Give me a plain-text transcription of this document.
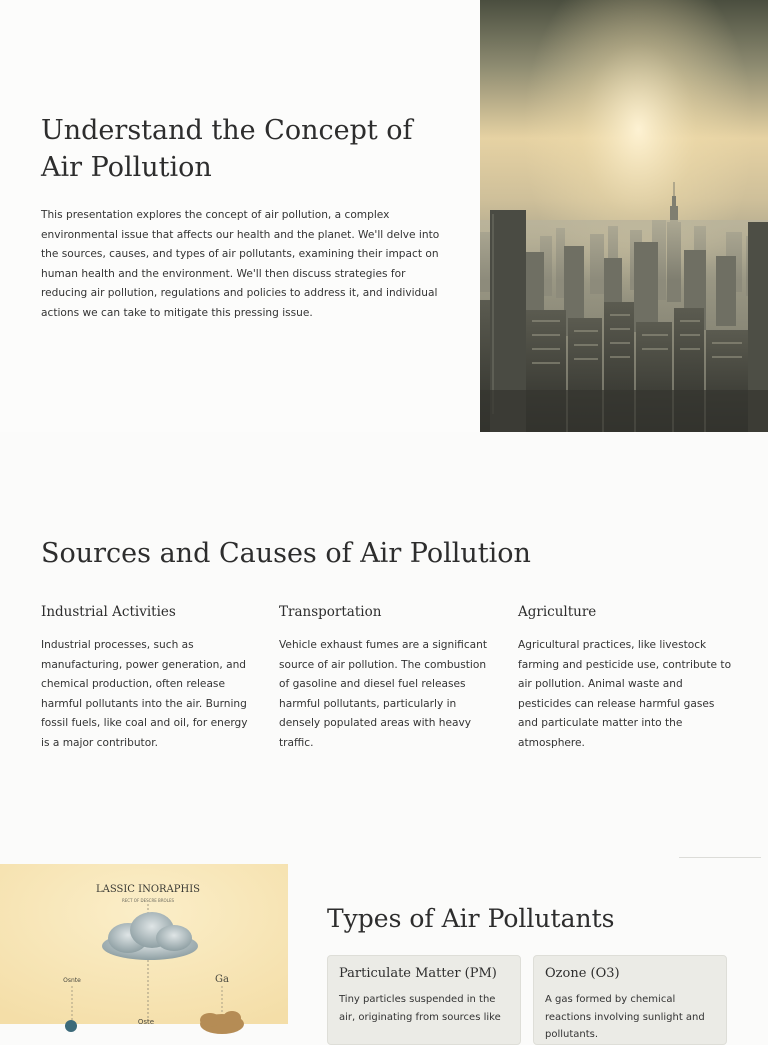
Understand the Concept of Air Pollution

This presentation explores the concept of air pollution, a complex environmental issue that affects our health and the planet. We'll delve into the sources, causes, and types of air pollutants, examining their impact on human health and the environment. We'll then discuss strategies for reducing air pollution, regulations and policies to address it, and individual actions we can take to mitigate this pressing issue.

Sources and Causes of Air Pollution
Industrial Activities

Industrial processes, such as manufacturing, power generation, and chemical production, often release harmful pollutants into the air. Burning fossil fuels, like coal and oil, for energy is a major contributor.

Transportation

Vehicle exhaust fumes are a significant source of air pollution. The combustion of gasoline and diesel fuel releases harmful pollutants, particularly in densely populated areas with heavy traffic.

Agriculture

Agricultural practices, like livestock farming and pesticide use, contribute to air pollution. Animal waste and pesticides can release harmful gases and particulate matter into the atmosphere.

LASSIC INORAPHIS
RECT OF DESCRE BROLES
Osnte	Ga
Oste
Types of Air Pollutants
Particulate Matter (PM)

Tiny particles suspended in the air, originating from sources like

Ozone (O3)

A gas formed by chemical reactions involving sunlight and pollutants.
